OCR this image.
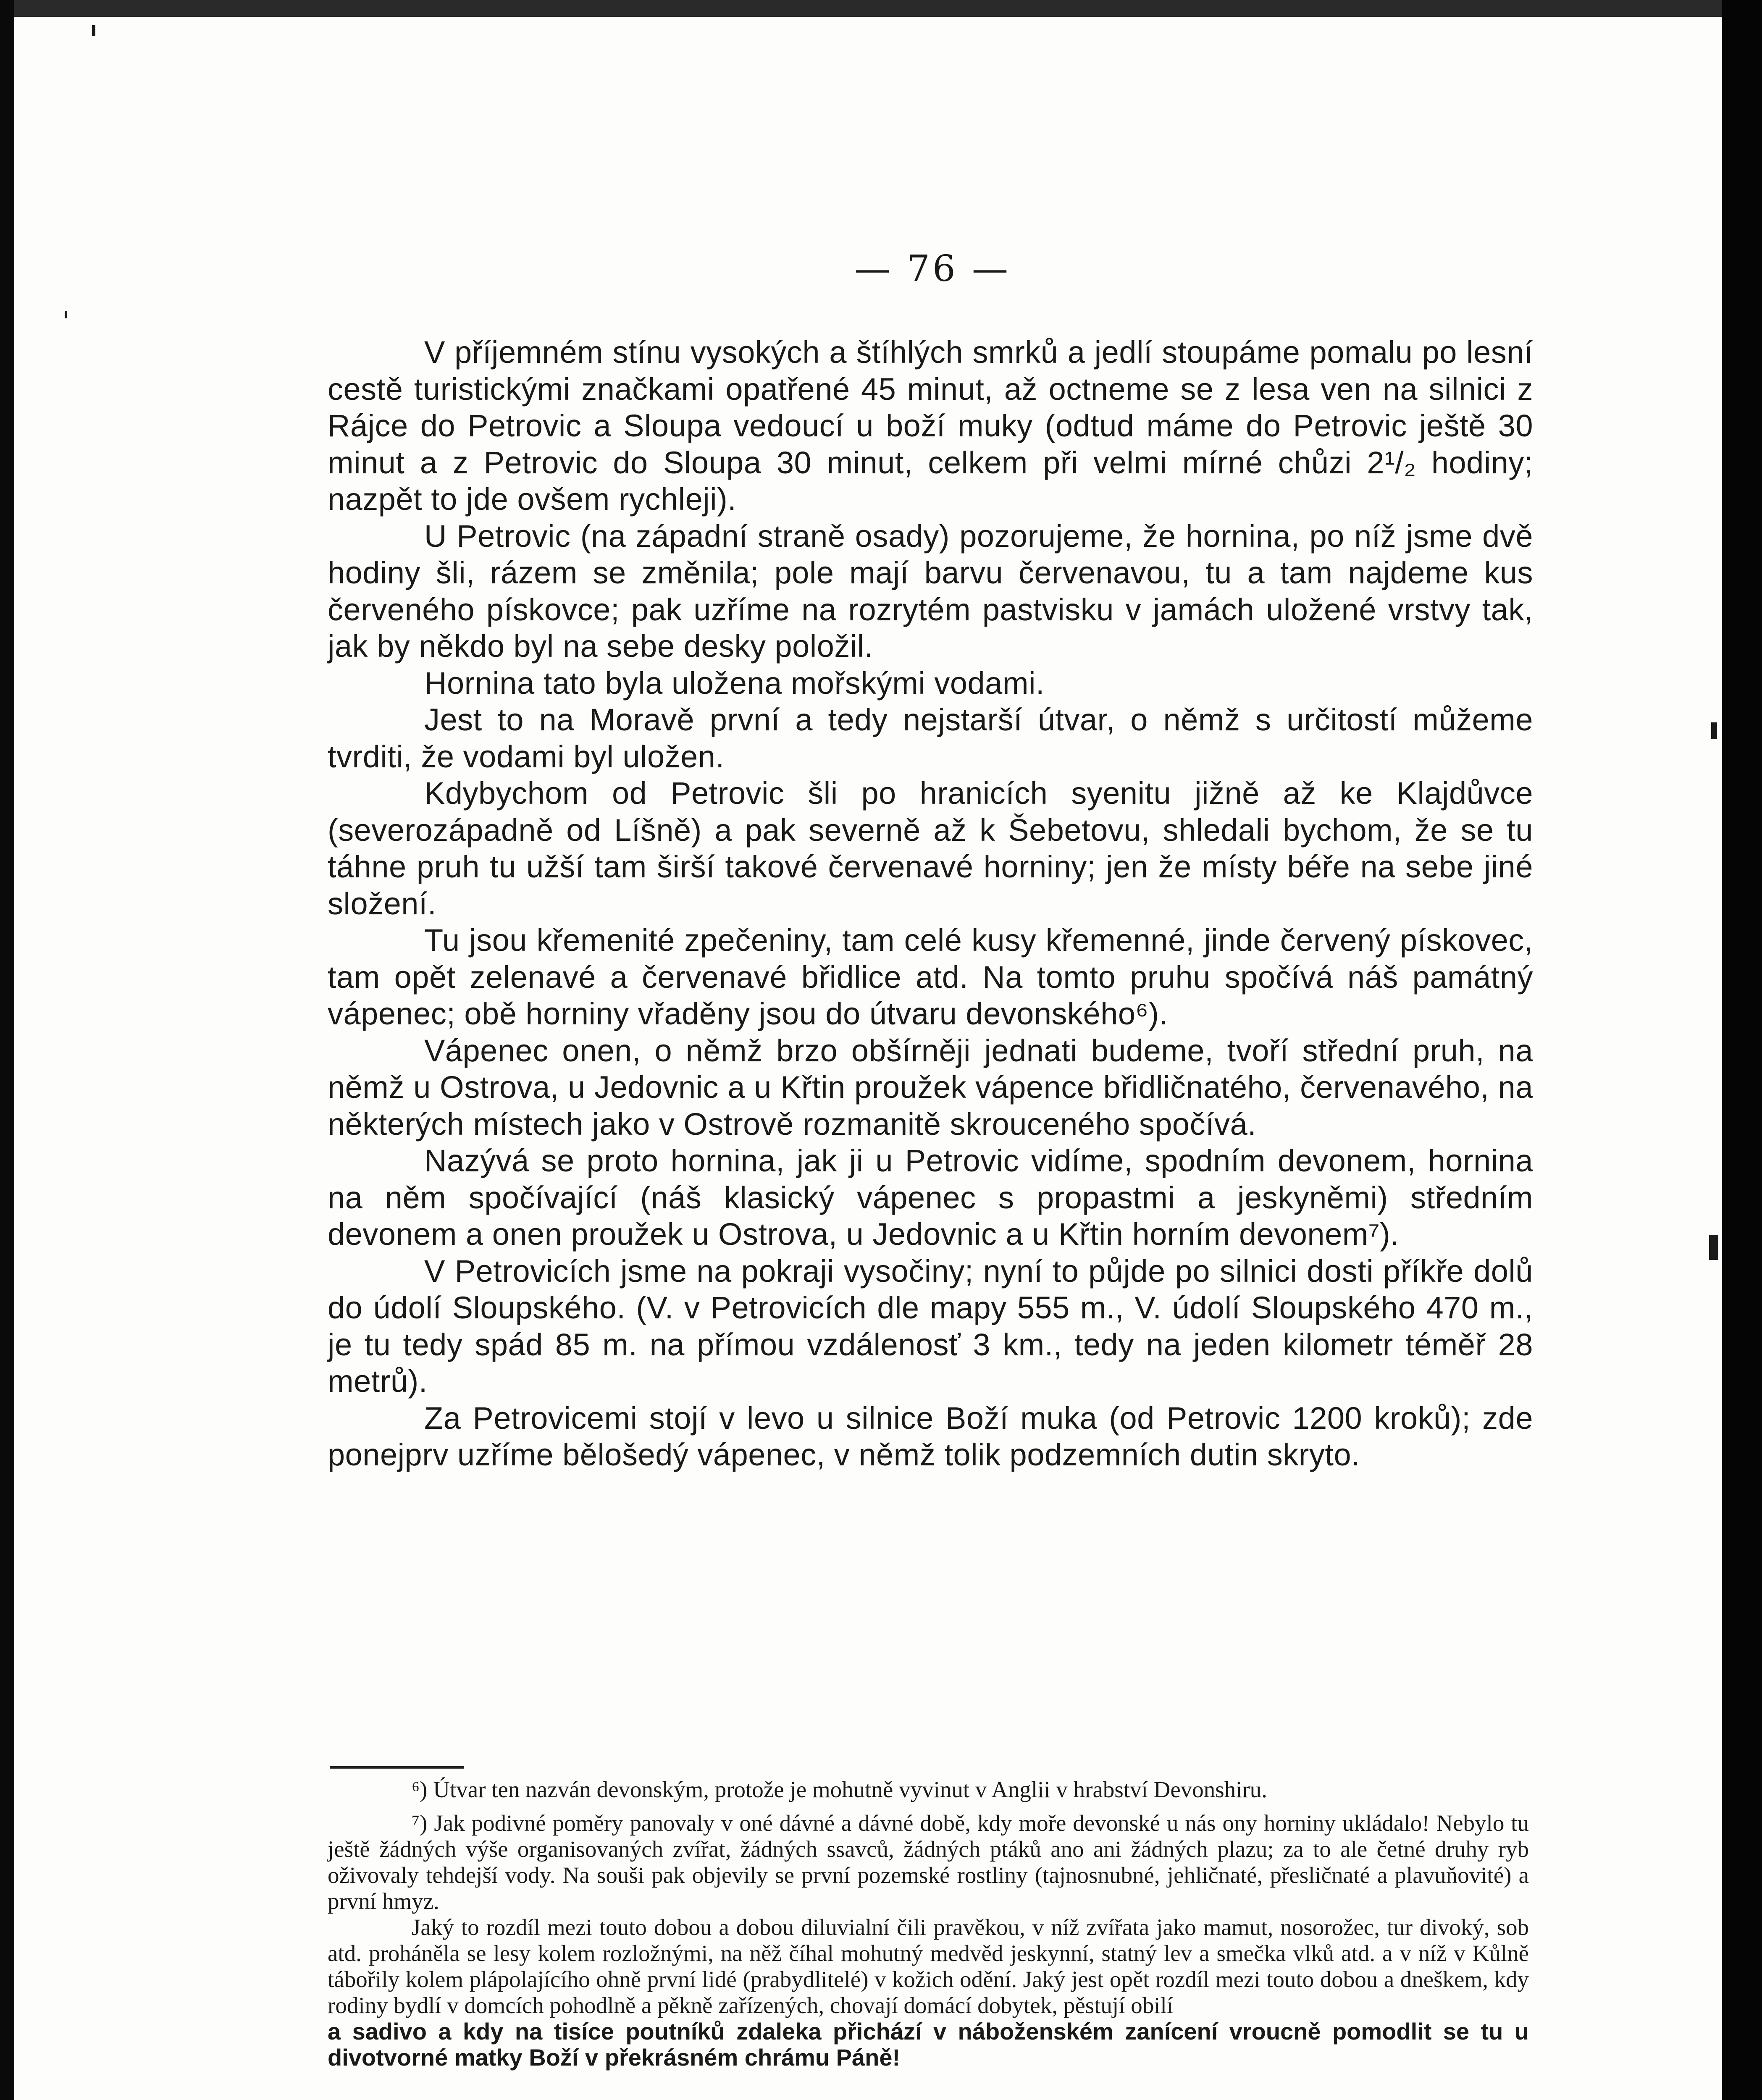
— 76 —

V příjemném stínu vysokých a štíhlých smrků a jedlí stoupáme pomalu po lesní cestě turistickými značkami opatřené 45 minut, až octneme se z lesa ven na silnici z Rájce do Petrovic a Sloupa vedoucí u boží muky (odtud máme do Petrovic ještě 30 minut a z Petrovic do Sloupa 30 minut, celkem při velmi mírné chůzi 2¹/₂ hodiny; nazpět to jde ovšem rychleji).

U Petrovic (na západní straně osady) pozorujeme, že hornina, po níž jsme dvě hodiny šli, rázem se změnila; pole mají barvu červenavou, tu a tam najdeme kus červeného pískovce; pak uzříme na rozrytém pastvisku v jamách uložené vrstvy tak, jak by někdo byl na sebe desky položil.

Hornina tato byla uložena mořskými vodami.

Jest to na Moravě první a tedy nejstarší útvar, o němž s určitostí můžeme tvrditi, že vodami byl uložen.

Kdybychom od Petrovic šli po hranicích syenitu jižně až ke Klajdůvce (severozápadně od Líšně) a pak severně až k Šebetovu, shledali bychom, že se tu táhne pruh tu užší tam širší takové červenavé horniny; jen že místy béře na sebe jiné složení.

Tu jsou křemenité zpečeniny, tam celé kusy křemenné, jinde červený pískovec, tam opět zelenavé a červenavé břidlice atd. Na tomto pruhu spočívá náš památný vápenec; obě horniny vřaděny jsou do útvaru devonského⁶).

Vápenec onen, o němž brzo obšírněji jednati budeme, tvoří střední pruh, na němž u Ostrova, u Jedovnic a u Křtin proužek vápence břidličnatého, červenavého, na některých místech jako v Ostrově rozmanitě skrouceného spočívá.

Nazývá se proto hornina, jak ji u Petrovic vidíme, spodním devonem, hornina na něm spočívající (náš klasický vápenec s propastmi a jeskyněmi) středním devonem a onen proužek u Ostrova, u Jedovnic a u Křtin horním devonem⁷).

V Petrovicích jsme na pokraji vysočiny; nyní to půjde po silnici dosti příkře dolů do údolí Sloupského. (V. v Petrovicích dle mapy 555 m., V. údolí Sloupského 470 m., je tu tedy spád 85 m. na přímou vzdálenosť 3 km., tedy na jeden kilometr téměř 28 metrů).

Za Petrovicemi stojí v levo u silnice Boží muka (od Petrovic 1200 kroků); zde ponejprv uzříme bělošedý vápenec, v němž tolik podzemních dutin skryto.

⁶) Útvar ten nazván devonským, protože je mohutně vyvinut v Anglii v hrabství Devonshiru.

⁷) Jak podivné poměry panovaly v oné dávné a dávné době, kdy moře devonské u nás ony horniny ukládalo! Nebylo tu ještě žádných výše organisovaných zvířat, žádných ssavců, žádných ptáků ano ani žádných plazu; za to ale četné druhy ryb oživovaly tehdejší vody. Na souši pak objevily se první pozemské rostliny (tajnosnubné, jehličnaté, přesličnaté a plavuňovité) a první hmyz.

Jaký to rozdíl mezi touto dobou a dobou diluvialní čili pravěkou, v níž zvířata jako mamut, nosorožec, tur divoký, sob atd. proháněla se lesy kolem rozložnými, na něž číhal mohutný medvěd jeskynní, statný lev a smečka vlků atd. a v níž v Kůlně tábořily kolem plápolajícího ohně první lidé (prabydlitelé) v kožich odění. Jaký jest opět rozdíl mezi touto dobou a dneškem, kdy rodiny bydlí v domcích pohodlně a pěkně zařízených, chovají domácí dobytek, pěstují obilí

a sadivo a kdy na tisíce poutníků zdaleka přichází v náboženském zanícení vroucně pomodlit se tu u divotvorné matky Boží v překrásném chrámu Páně!
